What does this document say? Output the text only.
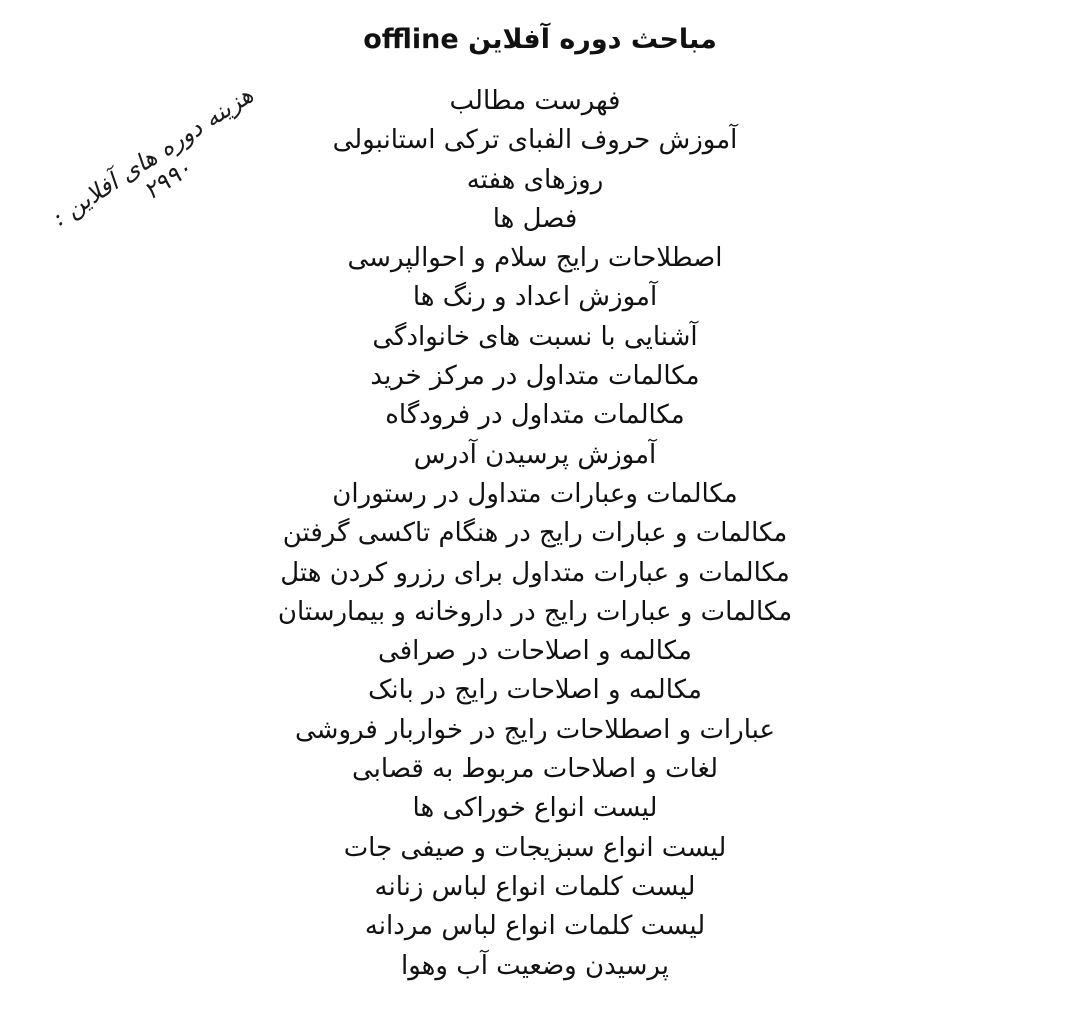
مباحث دوره آفلاین offline
هزینه دوره های آفلاین : ۲۹۹۰
فهرست مطالب
آموزش حروف الفبای ترکی استانبولی
روزهای هفته
فصل ها
اصطلاحات رایج سلام و احوالپرسی
آموزش اعداد و رنگ ها
آشنایی با نسبت های خانوادگی
مکالمات متداول در مرکز خرید
مکالمات متداول در فرودگاه
آموزش پرسیدن آدرس
مکالمات وعبارات متداول در رستوران
مکالمات و عبارات رایج در هنگام تاکسی گرفتن
مکالمات و عبارات متداول برای رزرو کردن هتل
مکالمات و عبارات رایج در داروخانه و بیمارستان
مکالمه و اصلاحات در صرافی
مکالمه و اصلاحات رایج در بانک
عبارات و اصطلاحات رایج در خواربار فروشی
لغات و اصلاحات مربوط به قصابی
لیست انواع خوراکی ها
لیست انواع سبزیجات و صیفی جات
لیست کلمات انواع لباس زنانه
لیست کلمات انواع لباس مردانه
پرسیدن وضعیت آب وهوا
